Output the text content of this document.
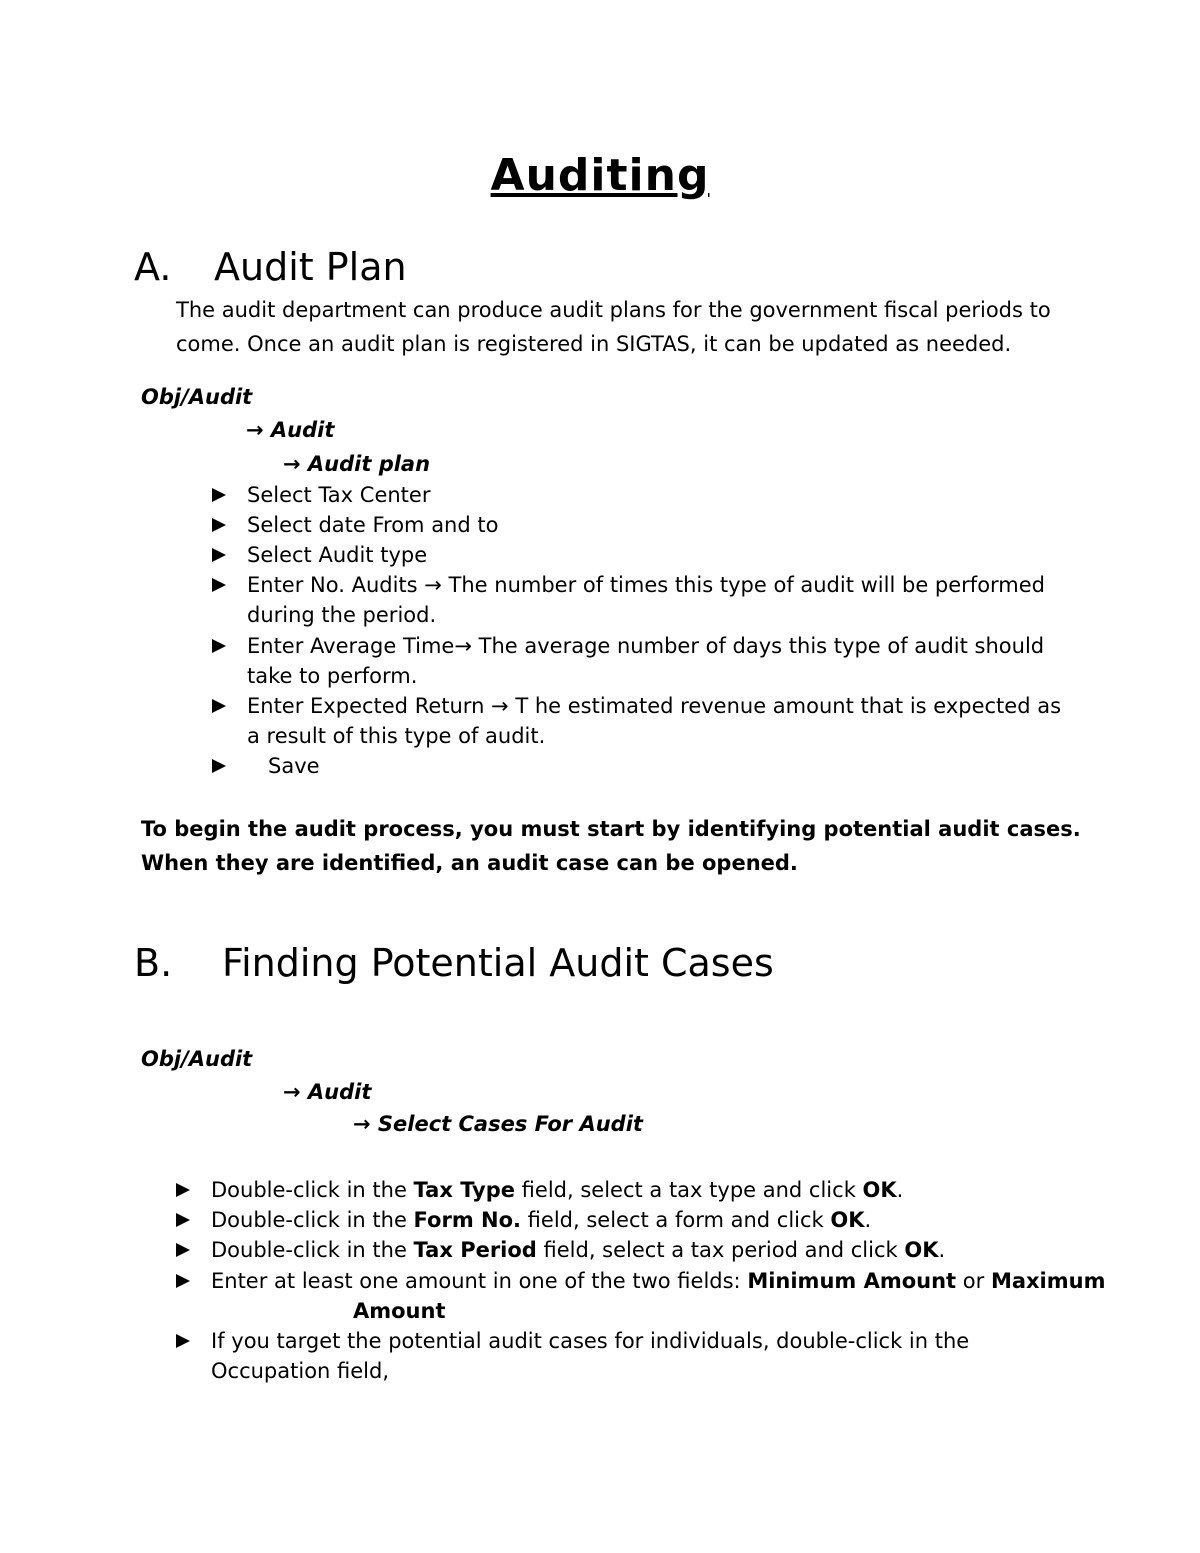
Auditing
A. Audit Plan
The audit department can produce audit plans for the government fiscal periods to
come. Once an audit plan is registered in SIGTAS, it can be updated as needed.
Obj/Audit
→ Audit
→ Audit plan
Select Tax Center
Select date From and to
Select Audit type
Enter No. Audits → The number of times this type of audit will be performed
during the period.
Enter Average Time→ The average number of days this type of audit should
take to perform.
Enter Expected Return → T he estimated revenue amount that is expected as
a result of this type of audit.
Save
To begin the audit process, you must start by identifying potential audit cases.
When they are identified, an audit case can be opened.
B. Finding Potential Audit Cases
Obj/Audit
→ Audit
→ Select Cases For Audit
Double-click in the Tax Type field, select a tax type and click OK.
Double-click in the Form No. field, select a form and click OK.
Double-click in the Tax Period field, select a tax period and click OK.
Enter at least one amount in one of the two fields: Minimum Amount or Maximum
Amount
If you target the potential audit cases for individuals, double-click in the
Occupation field,
